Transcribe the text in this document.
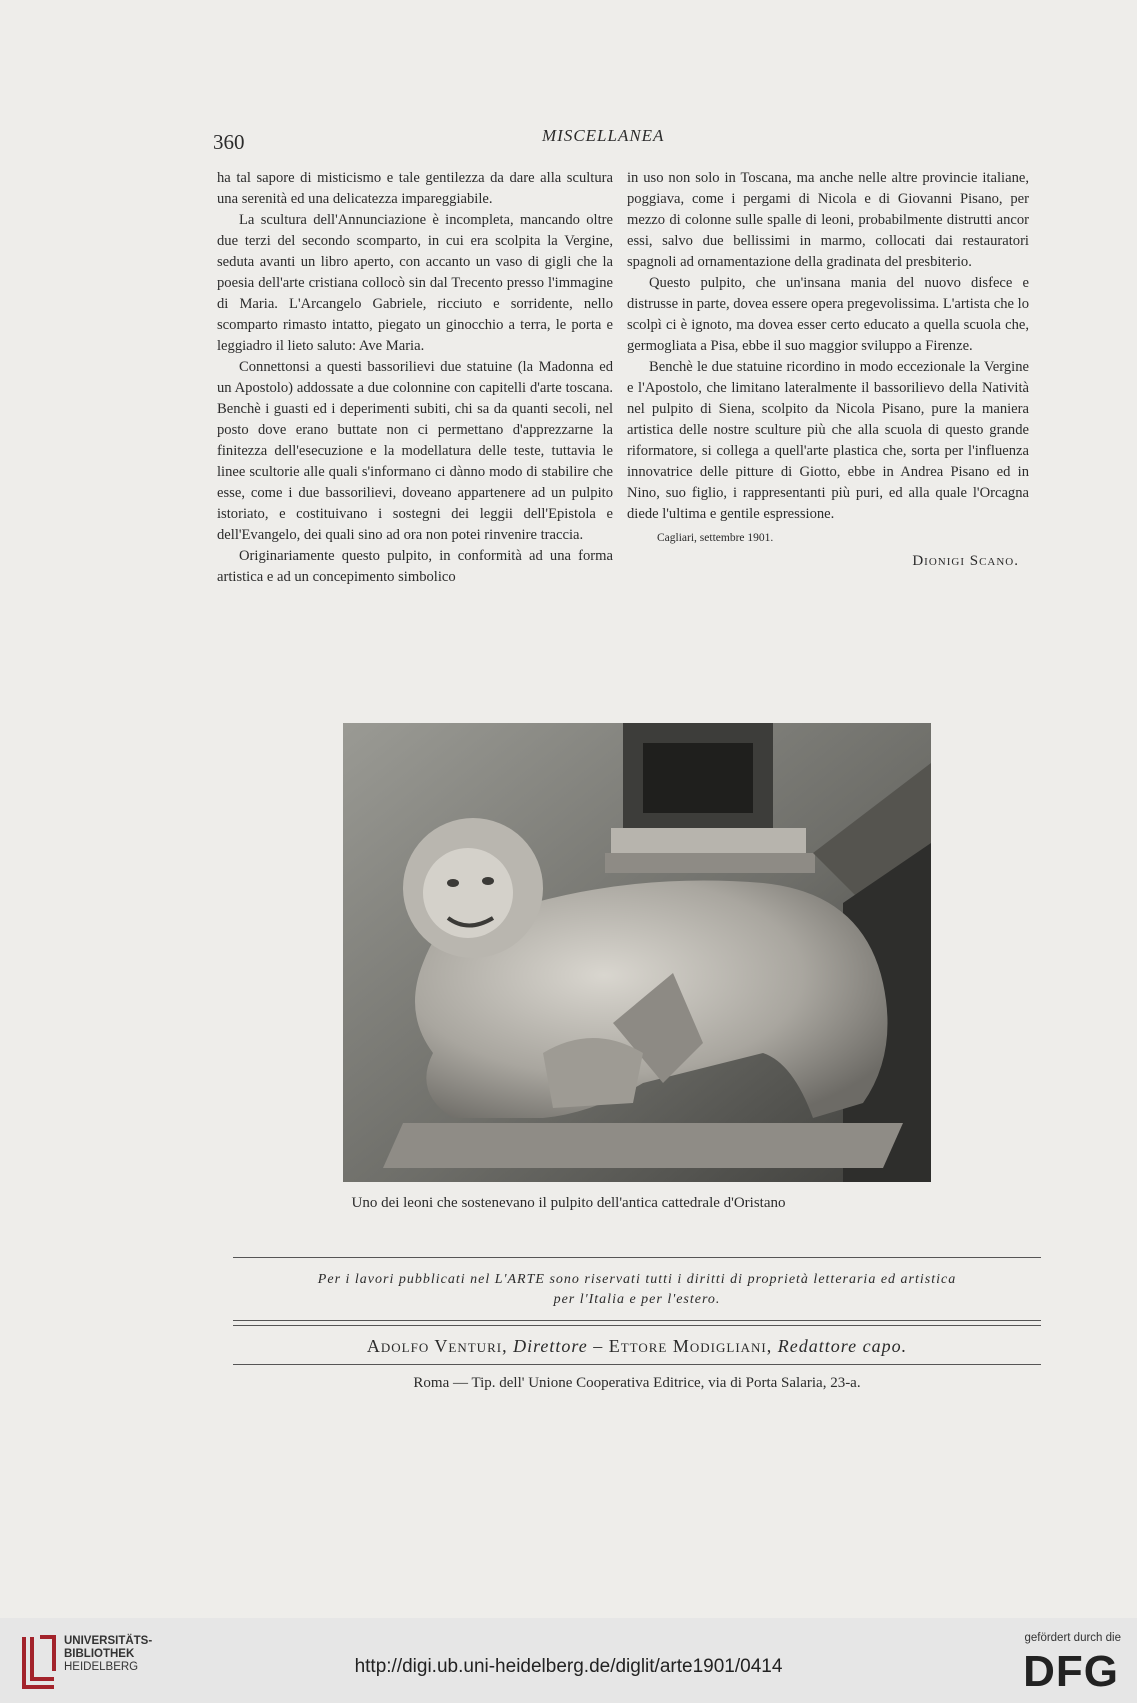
360	MISCELLANEA

ha tal sapore di misticismo e tale gentilezza da dare alla scultura una serenità ed una delicatezza impareggiabile.

La scultura dell'Annunciazione è incompleta, mancando oltre due terzi del secondo scomparto, in cui era scolpita la Vergine, seduta avanti un libro aperto, con accanto un vaso di gigli che la poesia dell'arte cristiana collocò sin dal Trecento presso l'immagine di Maria. L'Arcangelo Gabriele, ricciuto e sorridente, nello scomparto rimasto intatto, piegato un ginocchio a terra, le porta e leggiadro il lieto saluto: Ave Maria.

Connettonsi a questi bassorilievi due statuine (la Madonna ed un Apostolo) addossate a due colonnine con capitelli d'arte toscana. Benchè i guasti ed i deperimenti subiti, chi sa da quanti secoli, nel posto dove erano buttate non ci permettano d'apprezzarne la finitezza dell'esecuzione e la modellatura delle teste, tuttavia le linee scultorie alle quali s'informano ci dànno modo di stabilire che esse, come i due bassorilievi, doveano appartenere ad un pulpito istoriato, e costituivano i sostegni dei leggii dell'Epistola e dell'Evangelo, dei quali sino ad ora non potei rinvenire traccia.

Originariamente questo pulpito, in conformità ad una forma artistica e ad un concepimento simbolico

in uso non solo in Toscana, ma anche nelle altre provincie italiane, poggiava, come i pergami di Nicola e di Giovanni Pisano, per mezzo di colonne sulle spalle di leoni, probabilmente distrutti ancor essi, salvo due bellissimi in marmo, collocati dai restauratori spagnoli ad ornamentazione della gradinata del presbiterio.

Questo pulpito, che un'insana mania del nuovo disfece e distrusse in parte, dovea essere opera pregevolissima. L'artista che lo scolpì ci è ignoto, ma dovea esser certo educato a quella scuola che, germogliata a Pisa, ebbe il suo maggior sviluppo a Firenze.

Benchè le due statuine ricordino in modo eccezionale la Vergine e l'Apostolo, che limitano lateralmente il bassorilievo della Natività nel pulpito di Siena, scolpito da Nicola Pisano, pure la maniera artistica delle nostre sculture più che alla scuola di questo grande riformatore, si collega a quell'arte plastica che, sorta per l'influenza innovatrice delle pitture di Giotto, ebbe in Andrea Pisano ed in Nino, suo figlio, i rappresentanti più puri, ed alla quale l'Orcagna diede l'ultima e gentile espressione.

Cagliari, settembre 1901.

Dionigi Scano.

Uno dei leoni che sostenevano il pulpito dell'antica cattedrale d'Oristano
Per i lavori pubblicati nel L'ARTE sono riservati tutti i diritti di proprietà letteraria ed artistica
per l'Italia e per l'estero.
Adolfo Venturi, Direttore – Ettore Modigliani, Redattore capo.
Roma — Tip. dell' Unione Cooperativa Editrice, via di Porta Salaria, 23-a.
UNIVERSITÄTS-
BIBLIOTHEK
HEIDELBERG	http://digi.ub.uni-heidelberg.de/diglit/arte1901/0414
gefördert durch die
DFG
